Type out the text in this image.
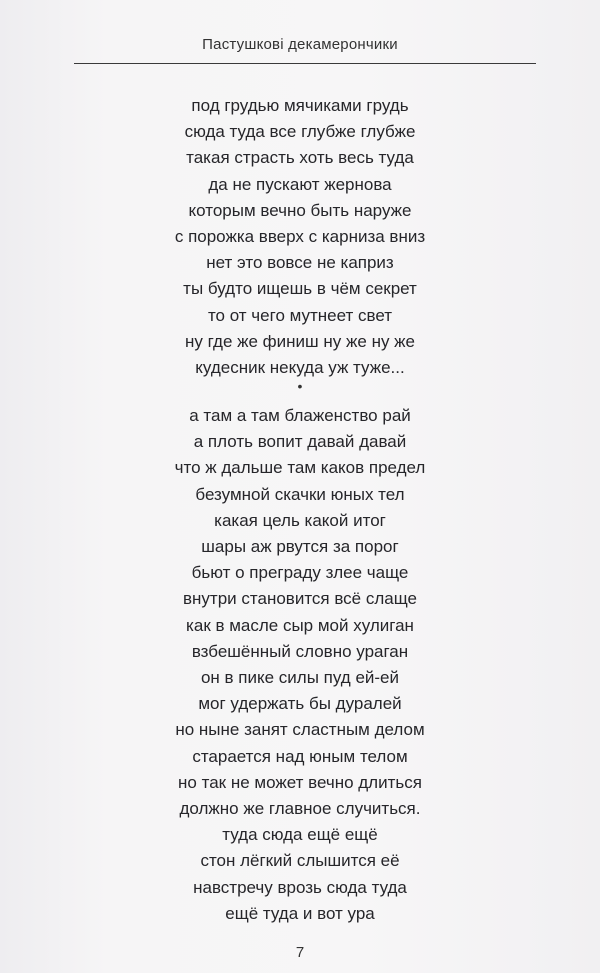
Пастушкові декамерончики
под грудью мячиками грудь
сюда туда все глубже глубже
такая страсть хоть весь туда
да не пускают жернова
которым вечно быть наруже
с порожка вверх с карниза вниз
нет это вовсе не каприз
ты будто ищешь в чём секрет
то от чего мутнеет свет
ну где же финиш ну же ну же
кудесник некуда уж туже...
•
а там а там блаженство рай
а плоть вопит давай давай
что ж дальше там каков предел
безумной скачки юных тел
какая цель какой итог
шары аж рвутся за порог
бьют о преграду злее чаще
внутри становится всё слаще
как в масле сыр мой хулиган
взбешённый словно ураган
он в пике силы пуд ей-ей
мог удержать бы дуралей
но ныне занят сластным делом
старается над юным телом
но так не может вечно длиться
должно же главное случиться.
туда сюда ещё ещё
стон лёгкий слышится её
навстречу врозь сюда туда
ещё туда и вот ура
7
